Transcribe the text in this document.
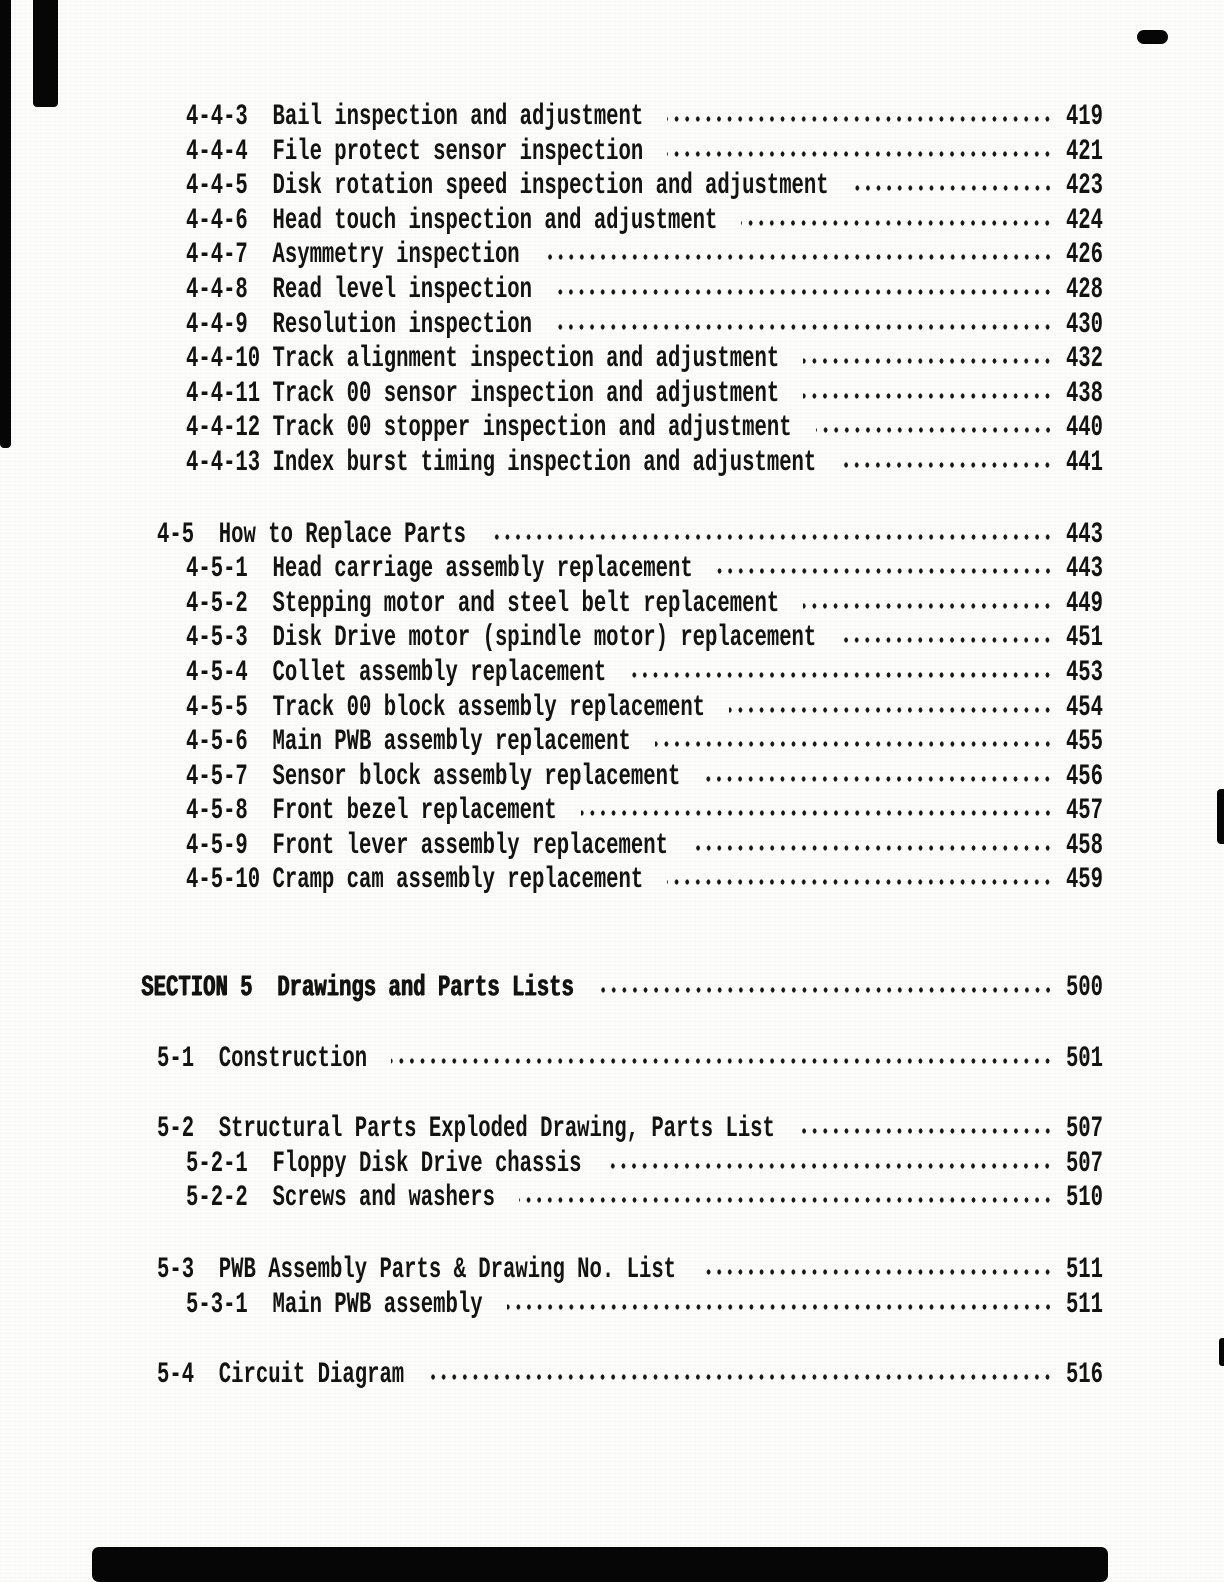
4-4-3	Bail inspection and adjustment	419
4-4-4	File protect sensor inspection	421
4-4-5	Disk rotation speed inspection and adjustment	423
4-4-6	Head touch inspection and adjustment	424
4-4-7	Asymmetry inspection	426
4-4-8	Read level inspection	428
4-4-9	Resolution inspection	430
4-4-10 Track alignment inspection and adjustment	432
4-4-11 Track 00 sensor inspection and adjustment	438
4-4-12 Track 00 stopper inspection and adjustment	440
4-4-13 Index burst timing inspection and adjustment	441
4-5	How to Replace Parts	443
4-5-1	Head carriage assembly replacement	443
4-5-2	Stepping motor and steel belt replacement	449
4-5-3	Disk Drive motor (spindle motor) replacement	451
4-5-4	Collet assembly replacement	453
4-5-5	Track 00 block assembly replacement	454
4-5-6	Main PWB assembly replacement	455
4-5-7	Sensor block assembly replacement	456
4-5-8	Front bezel replacement	457
4-5-9	Front lever assembly replacement	458
4-5-10 Cramp cam assembly replacement	459
SECTION 5	Drawings and Parts Lists	500
5-1	Construction	501
5-2	Structural Parts Exploded Drawing, Parts List	507
5-2-1	Floppy Disk Drive chassis	507
5-2-2	Screws and washers	510
5-3	PWB Assembly Parts & Drawing No. List	511
5-3-1	Main PWB assembly	511
5-4	Circuit Diagram	516
